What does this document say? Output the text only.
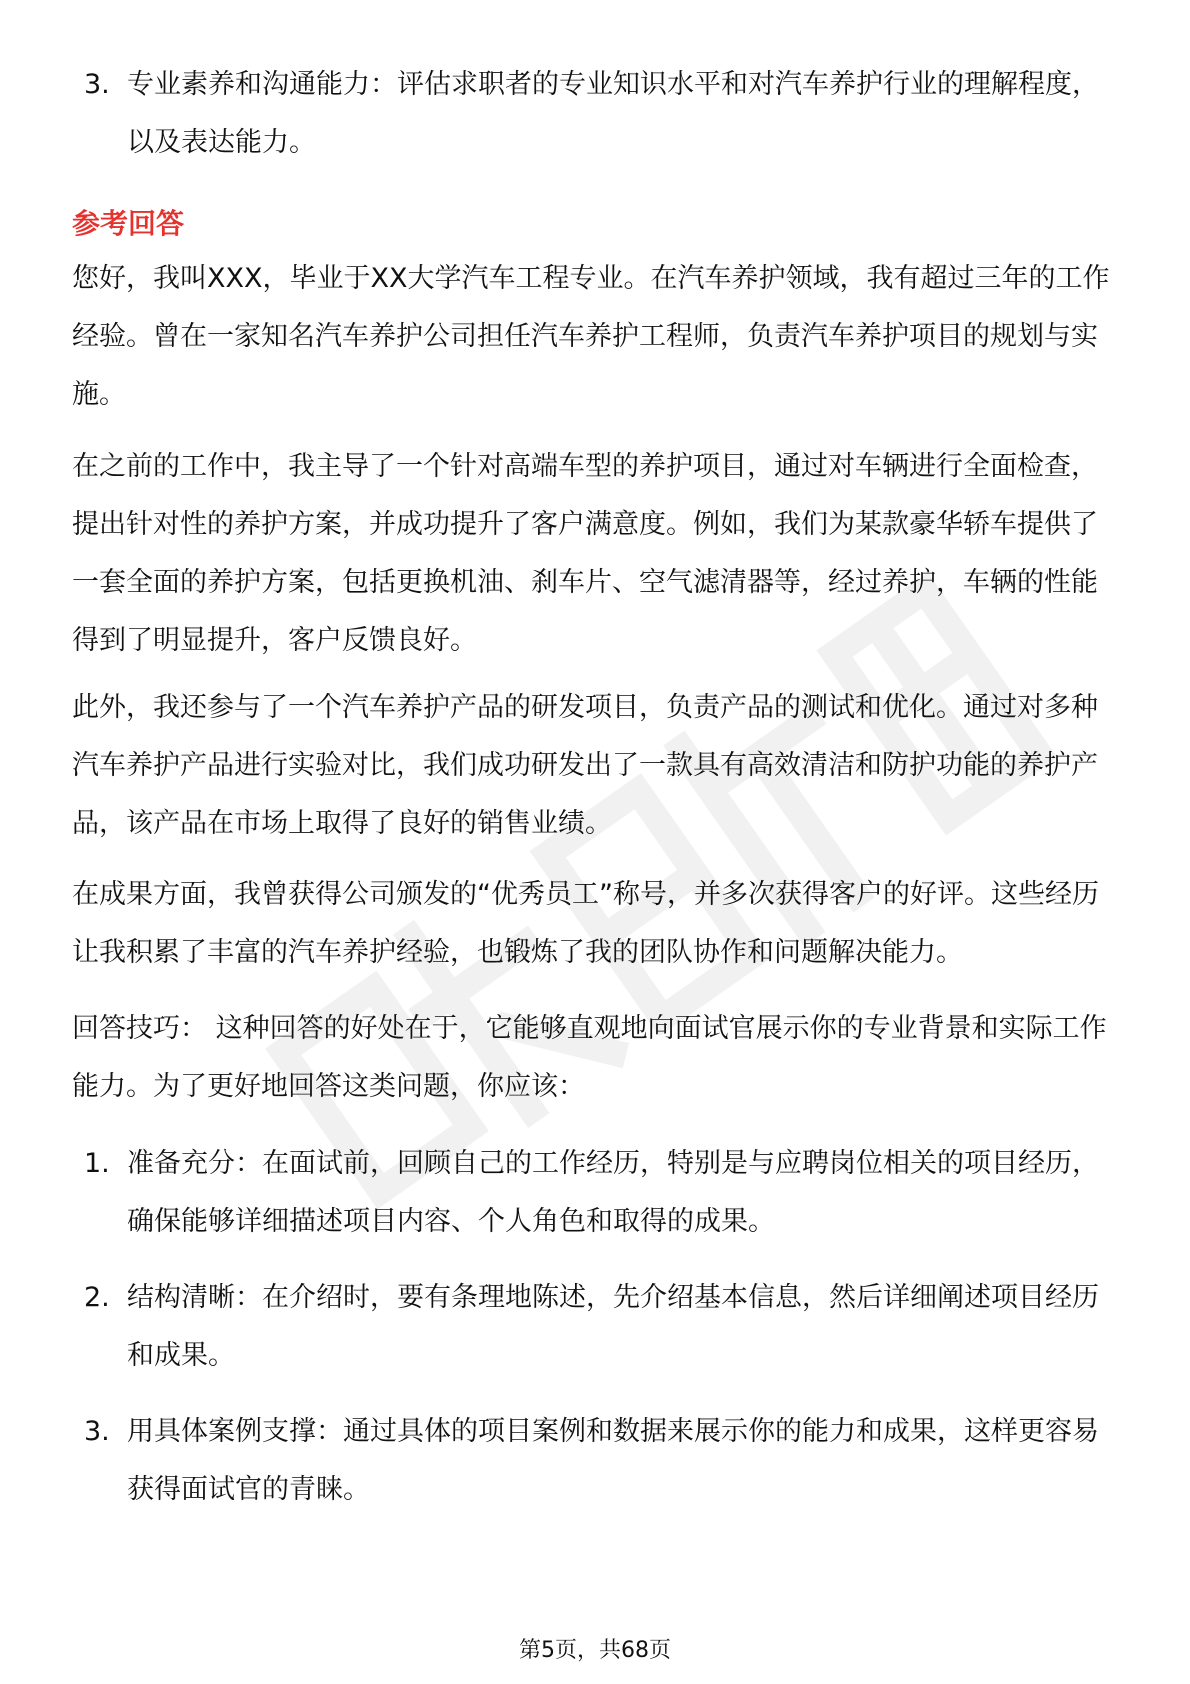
3. 专业素养和沟通能力：评估求职者的专业知识水平和对汽车养护行业的理解程度，以及表达能力。
参考回答

您好，我叫XXX，毕业于XX大学汽车工程专业。在汽车养护领域，我有超过三年的工作经验。曾在一家知名汽车养护公司担任汽车养护工程师，负责汽车养护项目的规划与实施。

在之前的工作中，我主导了一个针对高端车型的养护项目，通过对车辆进行全面检查，提出针对性的养护方案，并成功提升了客户满意度。例如，我们为某款豪华轿车提供了一套全面的养护方案，包括更换机油、刹车片、空气滤清器等，经过养护，车辆的性能得到了明显提升，客户反馈良好。

此外，我还参与了一个汽车养护产品的研发项目，负责产品的测试和优化。通过对多种汽车养护产品进行实验对比，我们成功研发出了一款具有高效清洁和防护功能的养护产品，该产品在市场上取得了良好的销售业绩。

在成果方面，我曾获得公司颁发的“优秀员工”称号，并多次获得客户的好评。这些经历让我积累了丰富的汽车养护经验，也锻炼了我的团队协作和问题解决能力。

回答技巧： 这种回答的好处在于，它能够直观地向面试官展示你的专业背景和实际工作能力。为了更好地回答这类问题，你应该：

1. 准备充分：在面试前，回顾自己的工作经历，特别是与应聘岗位相关的项目经历，确保能够详细描述项目内容、个人角色和取得的成果。
2. 结构清晰：在介绍时，要有条理地陈述，先介绍基本信息，然后详细阐述项目经历和成果。
3. 用具体案例支撑：通过具体的项目案例和数据来展示你的能力和成果，这样更容易获得面试官的青睐。
第5页，共68页
